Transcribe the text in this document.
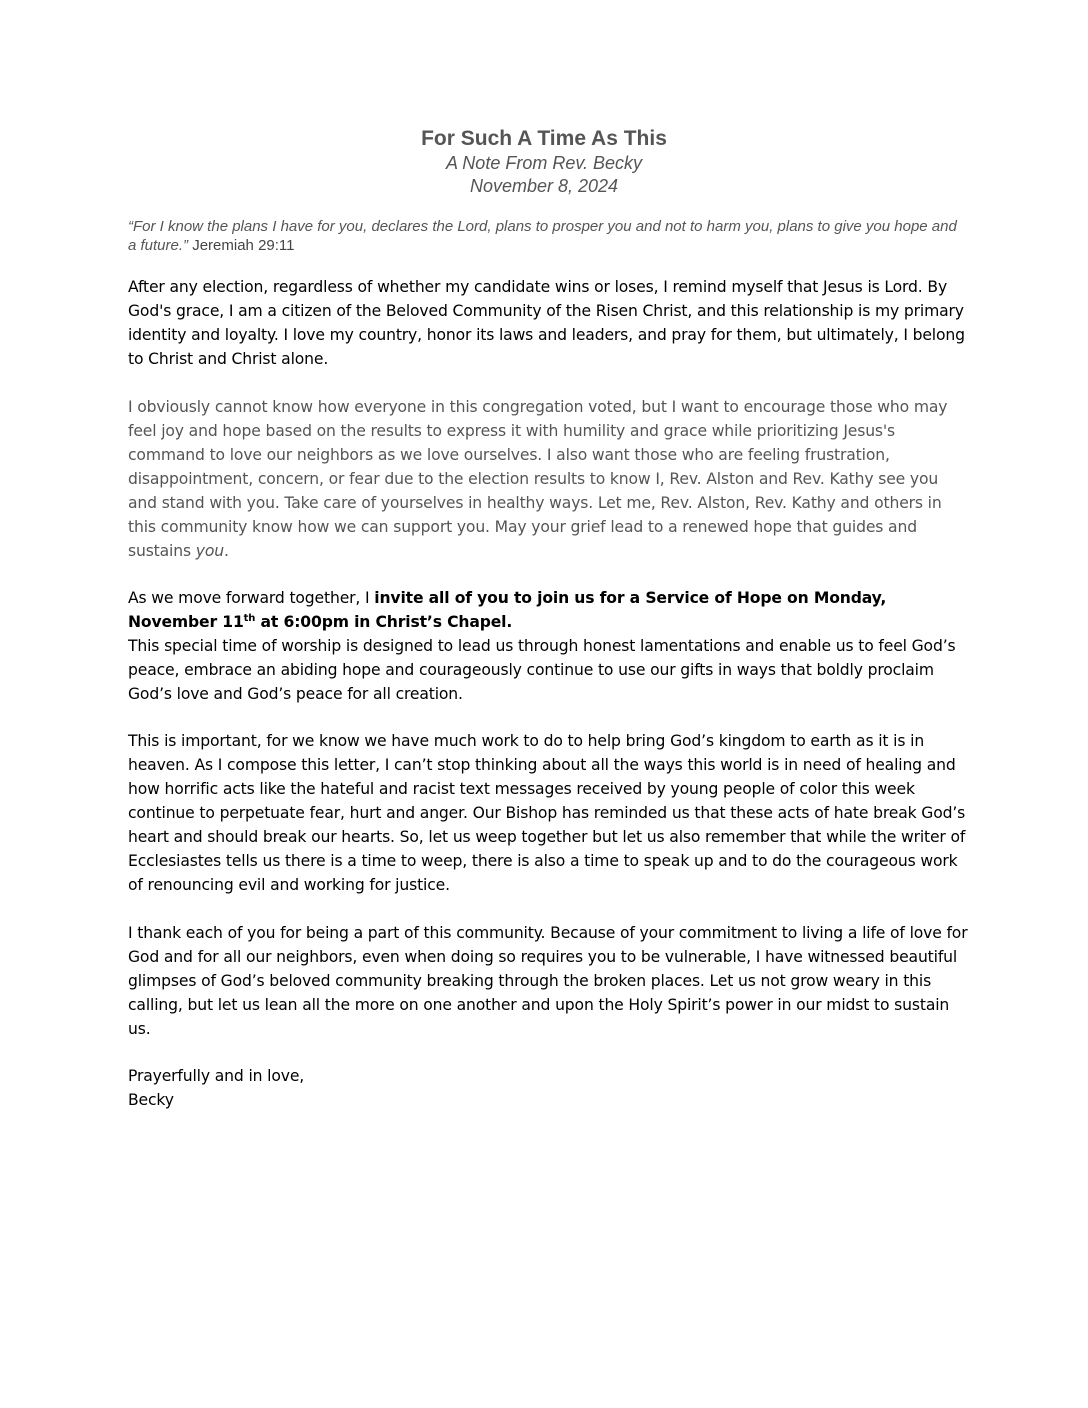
For Such A Time As This

A Note From Rev. Becky

November 8, 2024

“For I know the plans I have for you, declares the Lord, plans to prosper you and not to harm you, plans to give you hope and a future.” Jeremiah 29:11

After any election, regardless of whether my candidate wins or loses, I remind myself that Jesus is Lord. By God's grace, I am a citizen of the Beloved Community of the Risen Christ, and this relationship is my primary identity and loyalty. I love my country, honor its laws and leaders, and pray for them, but ultimately, I belong to Christ and Christ alone.

I obviously cannot know how everyone in this congregation voted, but I want to encourage those who may feel joy and hope based on the results to express it with humility and grace while prioritizing Jesus's command to love our neighbors as we love ourselves. I also want those who are feeling frustration, disappointment, concern, or fear due to the election results to know I, Rev. Alston and Rev. Kathy see you and stand with you. Take care of yourselves in healthy ways. Let me, Rev. Alston, Rev. Kathy and others in this community know how we can support you. May your grief lead to a renewed hope that guides and sustains you.

As we move forward together, I invite all of you to join us for a Service of Hope on Monday, November 11th at 6:00pm in Christ’s Chapel.
This special time of worship is designed to lead us through honest lamentations and enable us to feel God’s peace, embrace an abiding hope and courageously continue to use our gifts in ways that boldly proclaim God’s love and God’s peace for all creation.

This is important, for we know we have much work to do to help bring God’s kingdom to earth as it is in heaven. As I compose this letter, I can’t stop thinking about all the ways this world is in need of healing and how horrific acts like the hateful and racist text messages received by young people of color this week continue to perpetuate fear, hurt and anger. Our Bishop has reminded us that these acts of hate break God’s heart and should break our hearts. So, let us weep together but let us also remember that while the writer of Ecclesiastes tells us there is a time to weep, there is also a time to speak up and to do the courageous work of renouncing evil and working for justice.

I thank each of you for being a part of this community. Because of your commitment to living a life of love for God and for all our neighbors, even when doing so requires you to be vulnerable, I have witnessed beautiful glimpses of God’s beloved community breaking through the broken places. Let us not grow weary in this calling, but let us lean all the more on one another and upon the Holy Spirit’s power in our midst to sustain us.

Prayerfully and in love,
Becky
